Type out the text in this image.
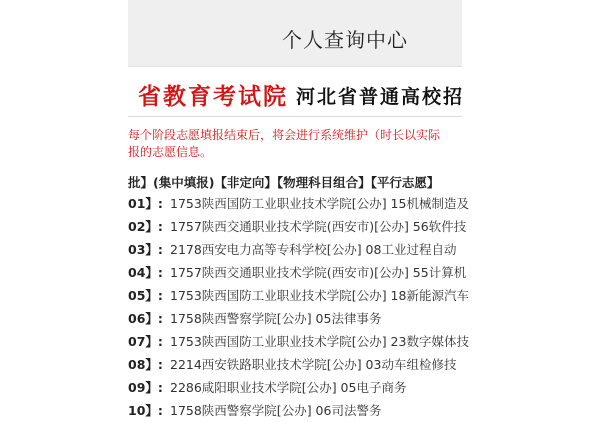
个人查询中心
省教育考试院 河北省普通高校招
每个阶段志愿填报结束后，将会进行系统维护（时长以实际
报的志愿信息。
批】(集中填报)【非定向】【物理科目组合】【平行志愿】
01】: 1753陕西国防工业职业技术学院[公办] 15机械制造及
02】: 1757陕西交通职业技术学院(西安市)[公办] 56软件技
03】: 2178西安电力高等专科学校[公办] 08工业过程自动
04】: 1757陕西交通职业技术学院(西安市)[公办] 55计算机
05】: 1753陕西国防工业职业技术学院[公办] 18新能源汽车
06】: 1758陕西警察学院[公办] 05法律事务
07】: 1753陕西国防工业职业技术学院[公办] 23数字媒体技
08】: 2214西安铁路职业技术学院[公办] 03动车组检修技
09】: 2286咸阳职业技术学院[公办] 05电子商务
10】: 1758陕西警察学院[公办] 06司法警务
